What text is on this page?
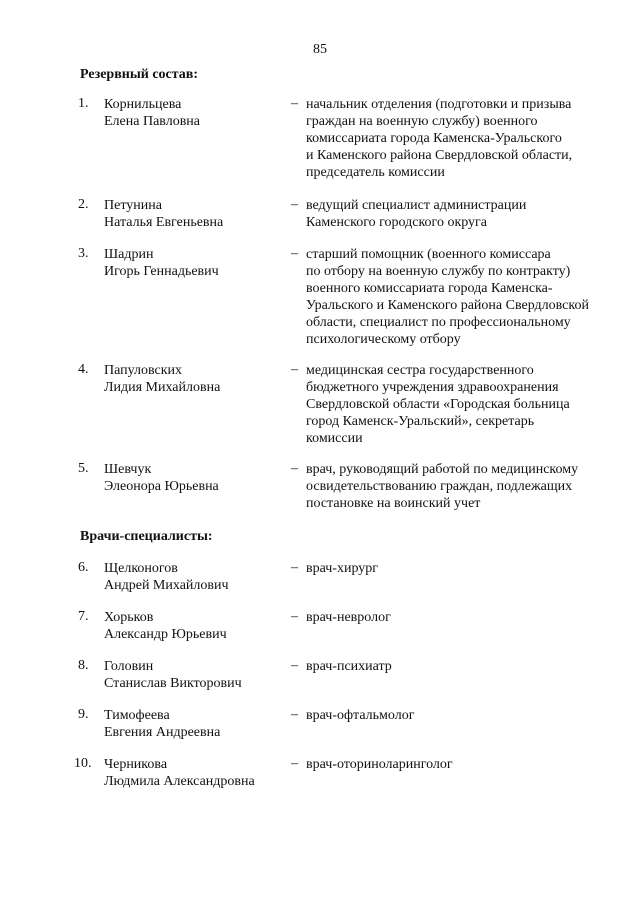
85
Резервный состав:
1.	Корнильцева
Елена Павловна
– начальник отделения (подготовки и призыва
граждан на военную службу) военного
комиссариата города Каменска-Уральского
и Каменского района Свердловской области,
председатель комиссии
2.	Петунина
Наталья Евгеньевна
– ведущий специалист администрации
Каменского городского округа
3.	Шадрин
Игорь Геннадьевич
– старший помощник (военного комиссара
по отбору на военную службу по контракту)
военного комиссариата города Каменска-
Уральского и Каменского района Свердловской
области, специалист по профессиональному
психологическому отбору
4.	Папуловских
Лидия Михайловна
– медицинская сестра государственного
бюджетного учреждения здравоохранения
Свердловской области «Городская больница
город Каменск-Уральский», секретарь
комиссии
5.	Шевчук
Элеонора Юрьевна
– врач, руководящий работой по медицинскому
освидетельствованию граждан, подлежащих
постановке на воинский учет
Врачи-специалисты:
6.	Щелконогов
Андрей Михайлович
– врач-хирург
7.	Хорьков
Александр Юрьевич
– врач-невролог
8.	Головин
Станислав Викторович
– врач-психиатр
9.	Тимофеева
Евгения Андреевна
– врач-офтальмолог
10. Черникова
Людмила Александровна
– врач-оториноларинголог
